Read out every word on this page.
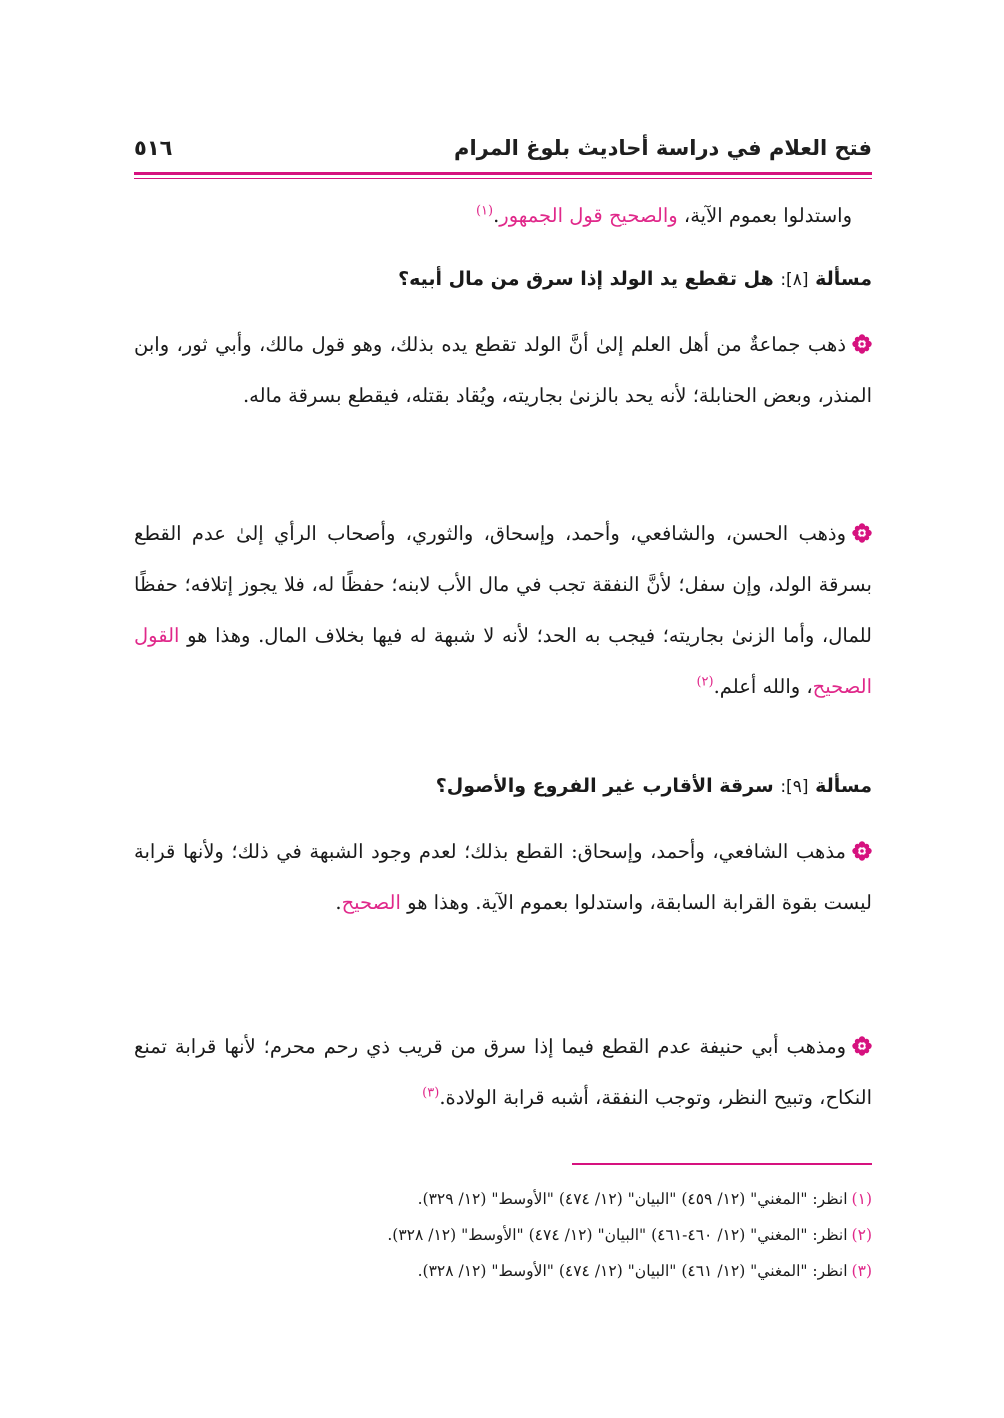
٥١٦	فتح العلام في دراسة أحاديث بلوغ المرام
واستدلوا بعموم الآية، والصحيح قول الجمهور.$^{(١)}$
مسألة [٨]: هل تقطع يد الولد إذا سرق من مال أبيه؟
ذهب جماعةٌ من أهل العلم إلىٰ أنَّ الولد تقطع يده بذلك، وهو قول مالك، وأبي ثور، وابن المنذر، وبعض الحنابلة؛ لأنه يحد بالزنىٰ بجاريته، ويُقاد بقتله، فيقطع بسرقة ماله.
وذهب الحسن، والشافعي، وأحمد، وإسحاق، والثوري، وأصحاب الرأي إلىٰ عدم القطع بسرقة الولد، وإن سفل؛ لأنَّ النفقة تجب في مال الأب لابنه؛ حفظًا له، فلا يجوز إتلافه؛ حفظًا للمال، وأما الزنىٰ بجاريته؛ فيجب به الحد؛ لأنه لا شبهة له فيها بخلاف المال. وهذا هو القول الصحيح، والله أعلم.$^{(٢)}$
مسألة [٩]: سرقة الأقارب غير الفروع والأصول؟
مذهب الشافعي، وأحمد، وإسحاق: القطع بذلك؛ لعدم وجود الشبهة في ذلك؛ ولأنها قرابة ليست بقوة القرابة السابقة، واستدلوا بعموم الآية. وهذا هو الصحيح.
ومذهب أبي حنيفة عدم القطع فيما إذا سرق من قريب ذي رحم محرم؛ لأنها قرابة تمنع النكاح، وتبيح النظر، وتوجب النفقة، أشبه قرابة الولادة.$^{(٣)}$
(١)انظر: "المغني" (١٢/ ٤٥٩) "البيان" (١٢/ ٤٧٤) "الأوسط" (١٢/ ٣٢٩).
(٢)انظر: "المغني" (١٢/ ٤٦٠-٤٦١) "البيان" (١٢/ ٤٧٤) "الأوسط" (١٢/ ٣٢٨).
(٣)انظر: "المغني" (١٢/ ٤٦١) "البيان" (١٢/ ٤٧٤) "الأوسط" (١٢/ ٣٢٨).
